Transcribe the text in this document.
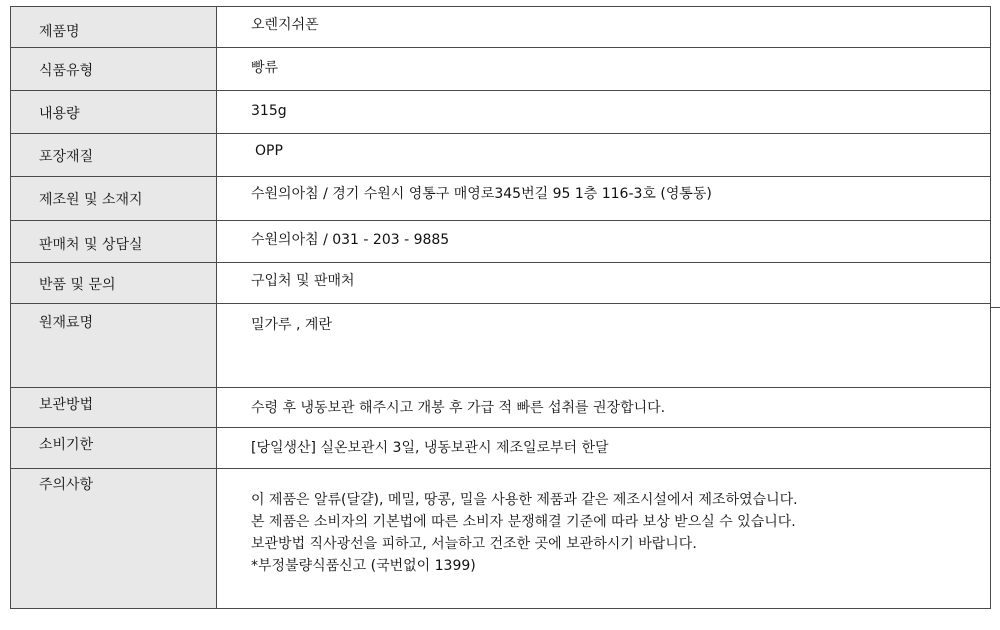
제품명	오렌지쉬폰

식품유형	빵류

내용량	315g

포장재질	OPP

제조원 및 소재지	수원의아침 / 경기 수원시 영통구 매영로345번길 95 1층 116-3호 (영통동)

판매처 및 상담실	수원의아침 / 031 - 203 - 9885

반품 및 문의	구입처 및 판매처

원재료명	밀가루 , 계란

보관방법	수령 후 냉동보관 해주시고 개봉 후 가급 적 빠른 섭취를 권장합니다.

소비기한	[당일생산] 실온보관시 3일, 냉동보관시 제조일로부터 한달

주의사항	이 제품은 알류(달걀), 메밀, 땅콩, 밀을 사용한 제품과 같은 제조시설에서 제조하였습니다.
본 제품은 소비자의 기본법에 따른 소비자 분쟁해결 기준에 따라 보상 받으실 수 있습니다.
보관방법 직사광선을 피하고, 서늘하고 건조한 곳에 보관하시기 바랍니다.
*부정불량식품신고 (국번없이 1399)
